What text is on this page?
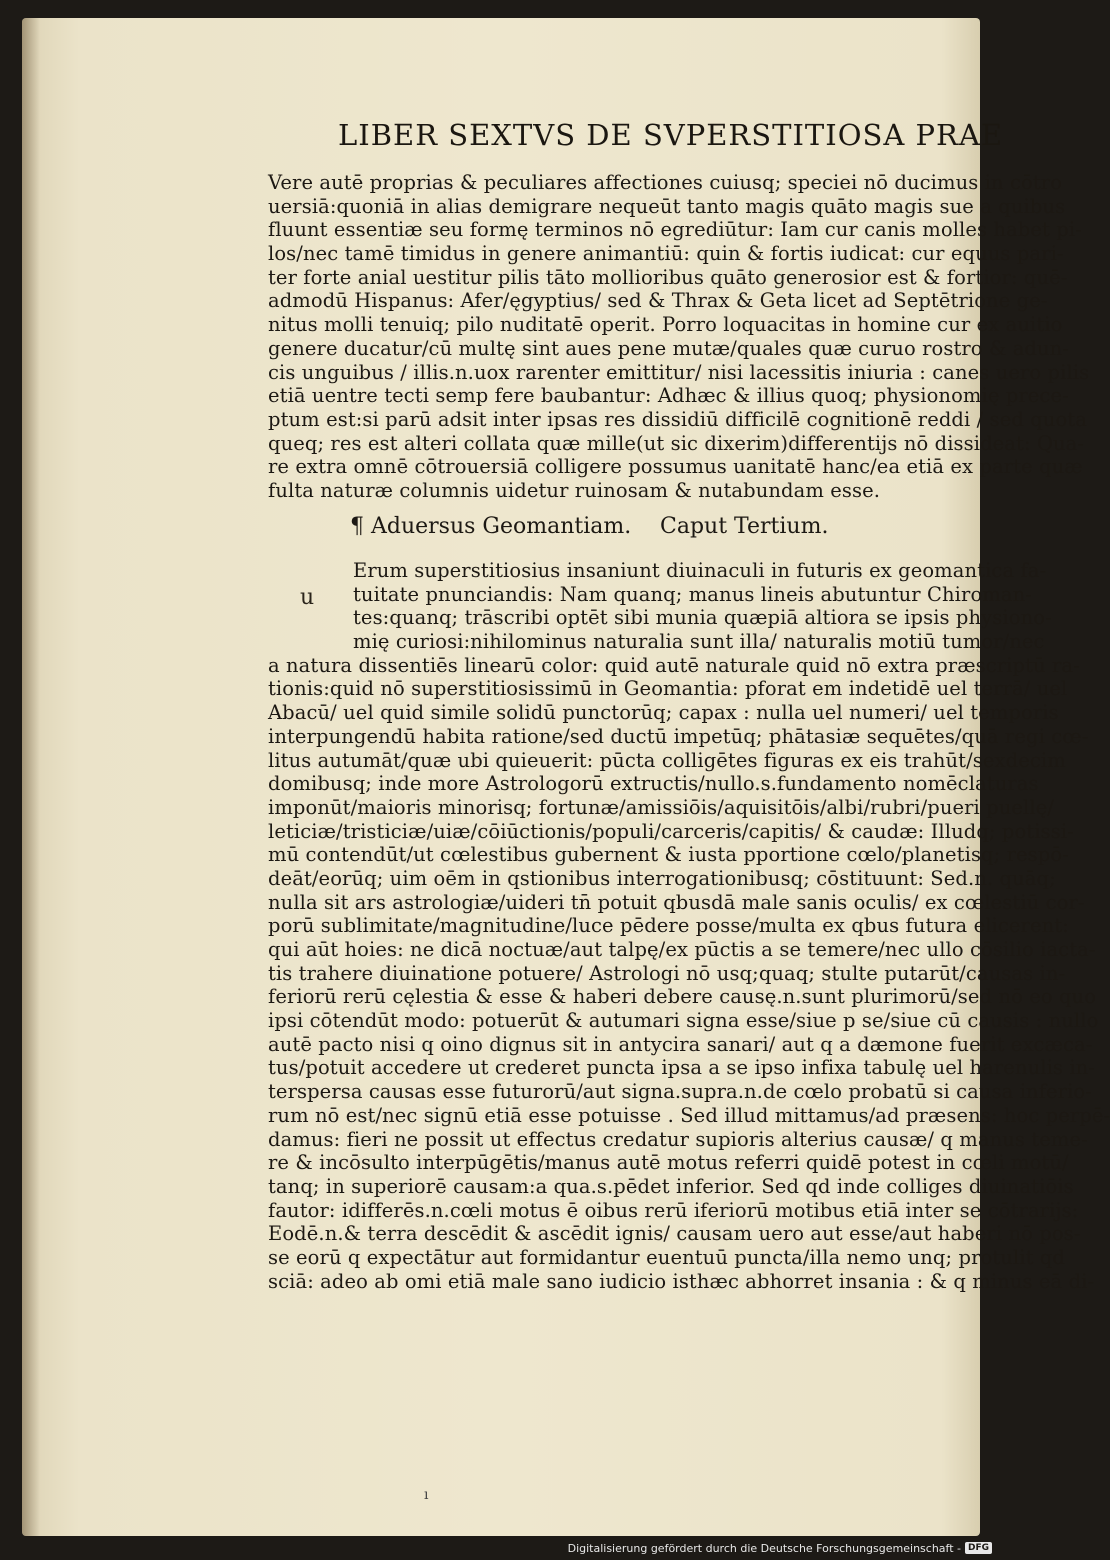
LIBER SEXTVS DE SVPERSTITIOSA PRAE
Vere autē proprias & peculiares affectiones cuiusq; speciei nō ducimus in cōtro
uersiā:quoniā in alias demigrare nequeūt tanto magis quāto magis sue a quibus
fluunt essentiæ seu formę terminos nō egrediūtur: Iam cur canis molles habet pi-
los/nec tamē timidus in genere animantiū: quin & fortis iudicat: cur equus pari-
ter forte anial uestitur pilis tāto mollioribus quāto generosior est & fortior: quē-
admodū Hispanus: Afer/ęgyptius/ sed & Thrax & Geta licet ad Septētrione ge-
nitus molli tenuiq; pilo nuditatē operit. Porro loquacitas in homine cur ex auitio
genere ducatur/cū multę sint aues pene mutæ/quales quæ curuo rostro & adun-
cis unguibus / illis.n.uox rarenter emittitur/ nisi lacessitis iniuria : canes uero pilis
etiā uentre tecti semp fere baubantur: Adhæc & illius quoq; physionomię prece-
ptum est:si parū adsit inter ipsas res dissidiū difficilē cognitionē reddi / sed quota
queq; res est alteri collata quæ mille(ut sic dixerim)differentijs nō dissideat: Qua-
re extra omnē cōtrouersiā colligere possumus uanitatē hanc/ea etiā ex parte quæ
fulta naturæ columnis uidetur ruinosam & nutabundam esse.
¶ Aduersus Geomantiam. Caput Tertium.
u
Erum superstitiosius insaniunt diuinaculi in futuris ex geomantica fa-
tuitate pnunciandis: Nam quanq; manus lineis abutuntur Chiroman-
tes:quanq; trāscribi optēt sibi munia quæpiā altiora se ipsis physiono-
mię curiosi:nihilominus naturalia sunt illa/ naturalis motiū tumor/nec
a natura dissentiēs linearū color: quid autē naturale quid nō extra præscriptū ra-
tionis:quid nō superstitiosissimū in Geomantia: pforat em indetidē uel terrā/ uel
Abacū/ uel quid simile solidū punctorūq; capax : nulla uel numeri/ uel temporis
interpungendū habita ratione/sed ductū impetūq; phātasiæ sequētes/quā regi cœ-
litus autumāt/quæ ubi quieuerit: pūcta colligētes figuras ex eis trahūt/sexdecim
domibusq; inde more Astrologorū extructis/nullo.s.fundamento nomēclaturas
imponūt/maioris minorisq; fortunæ/amissiōis/aquisitōis/albi/rubri/pueri puellę/
leticiæ/tristiciæ/uiæ/cōiūctionis/populi/carceris/capitis/ & caudæ: Illudq; potissi-
mū contendūt/ut cœlestibus gubernent & iusta pportione cœlo/planetisq; respō-
deāt/eorūq; uim oēm in qstionibus interrogationibusq; cōstituunt: Sed.n. quāq;
nulla sit ars astrologiæ/uideri tn̄ potuit qbusdā male sanis oculis/ ex cœlestiū cor-
porū sublimitate/magnitudine/luce pēdere posse/multa ex qbus futura elicerent:
qui aūt hoies: ne dicā noctuæ/aut talpę/ex pūctis a se temere/nec ullo cōsilio iacta-
tis trahere diuinatione potuere/ Astrologi nō usq;quaq; stulte putarūt/causas in-
feriorū rerū cęlestia & esse & haberi debere causę.n.sunt plurimorū/sed nō eo quo
ipsi cōtendūt modo: potuerūt & autumari signa esse/siue p se/siue cū causis : nullo
autē pacto nisi q oino dignus sit in antycira sanari/ aut q a dæmone fuerit excæca-
tus/potuit accedere ut crederet puncta ipsa a se ipso infixa tabulę uel harenulis in-
terspersa causas esse futurorū/aut signa.supra.n.de cœlo probatū si causa inferio-
rum nō est/nec signū etiā esse potuisse . Sed illud mittamus/ad præsens: hoc perpē-
damus: fieri ne possit ut effectus credatur supioris alterius causæ/ q manus teme-
re & incōsulto interpūgētis/manus autē motus referri quidē potest in cœli motū/
tanq; in superiorē causam:a qua.s.pēdet inferior. Sed qd inde colliges diuinatiōis
fautor: idifferēs.n.cœli motus ē oibus rerū iferiorū motibus etiā inter se cōtrarijs:
Eodē.n.& terra descēdit & ascēdit ignis/ causam uero aut esse/aut haberi nō pos-
se eorū q expectātur aut formidantur euentuū puncta/illa nemo unq; protulit qd
sciā: adeo ab omi etiā male sano iudicio isthæc abhorret insania : & q minus eā di-
ı
Digitalisierung gefördert durch die Deutsche Forschungsgemeinschaft - DFG
